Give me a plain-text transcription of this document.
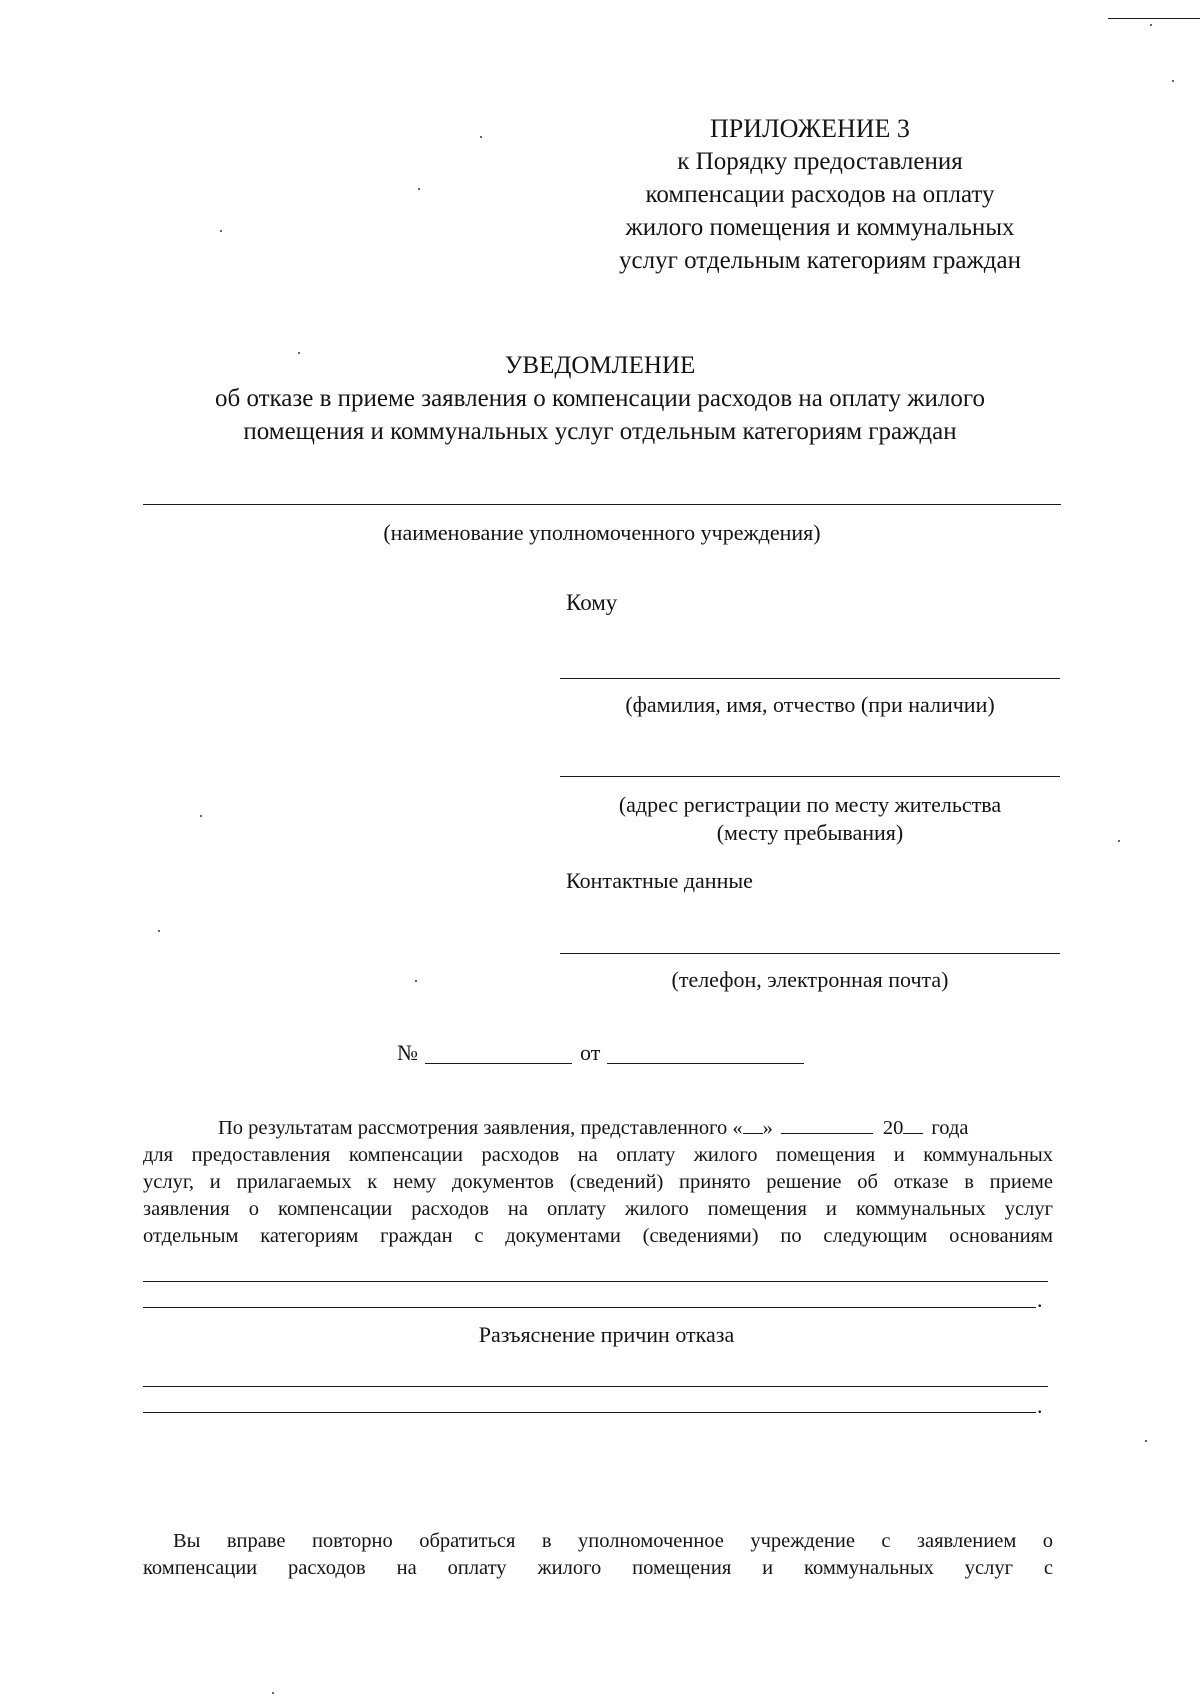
ПРИЛОЖЕНИЕ 3
к Порядку предоставления
компенсации расходов на оплату
жилого помещения и коммунальных
услуг отдельным категориям граждан
УВЕДОМЛЕНИЕ
об отказе в приеме заявления о компенсации расходов на оплату жилого
помещения и коммунальных услуг отдельным категориям граждан
(наименование уполномоченного учреждения)
Кому
(фамилия, имя, отчество (при наличии)
(адрес регистрации по месту жительства
(месту пребывания)
Контактные данные
(телефон, электронная почта)
№	от
По результатам рассмотрения заявления, представленного « »	20 года
для предоставления компенсации расходов на оплату жилого помещения и коммунальных
услуг, и прилагаемых к нему документов (сведений) принято решение об отказе в приеме
заявления о компенсации расходов на оплату жилого помещения и коммунальных услуг
отдельным категориям граждан с документами (сведениями) по следующим основаниям
.
Разъяснение причин отказа
.
Вы вправе повторно обратиться в уполномоченное учреждение с заявлением о
компенсации расходов на оплату жилого помещения и коммунальных услуг с
